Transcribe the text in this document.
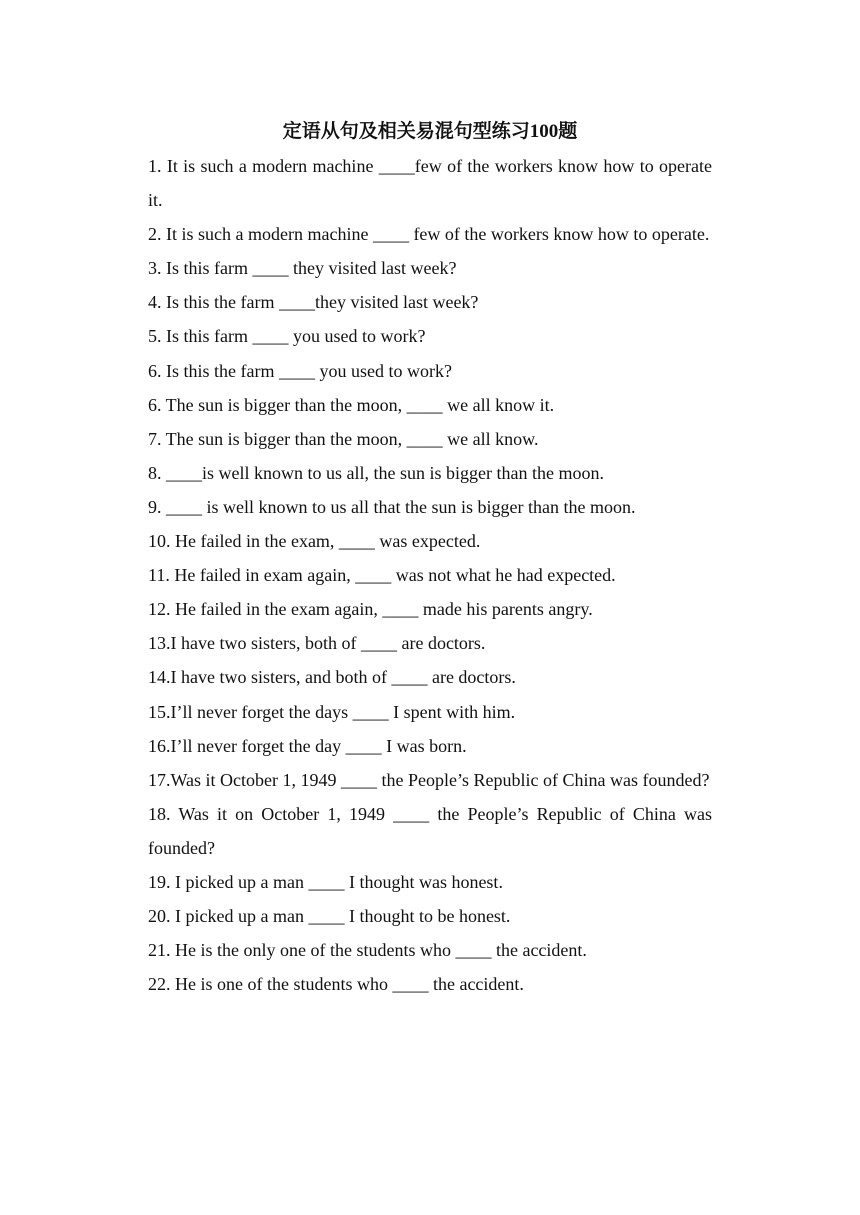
定语从句及相关易混句型练习100题

1. It is such a modern machine ____few of the workers know how to operate it.

2. It is such a modern machine ____ few of the workers know how to operate.

3. Is this farm ____ they visited last week?

4. Is this the farm ____they visited last week?

5. Is this farm ____ you used to work?

6. Is this the farm ____ you used to work?

6. The sun is bigger than the moon, ____ we all know it.

7. The sun is bigger than the moon, ____ we all know.

8. ____is well known to us all, the sun is bigger than the moon.

9. ____ is well known to us all that the sun is bigger than the moon.

10. He failed in the exam, ____ was expected.

11. He failed in exam again, ____ was not what he had expected.

12. He failed in the exam again, ____ made his parents angry.

13.I have two sisters, both of ____ are doctors.

14.I have two sisters, and both of ____ are doctors.

15.I’ll never forget the days ____ I spent with him.

16.I’ll never forget the day ____ I was born.

17.Was it October 1, 1949 ____ the People’s Republic of China was founded?

18. Was it on October 1, 1949 ____ the People’s Republic of China was founded?

19. I picked up a man ____ I thought was honest.

20. I picked up a man ____ I thought to be honest.

21. He is the only one of the students who ____ the accident.

22. He is one of the students who ____ the accident.
